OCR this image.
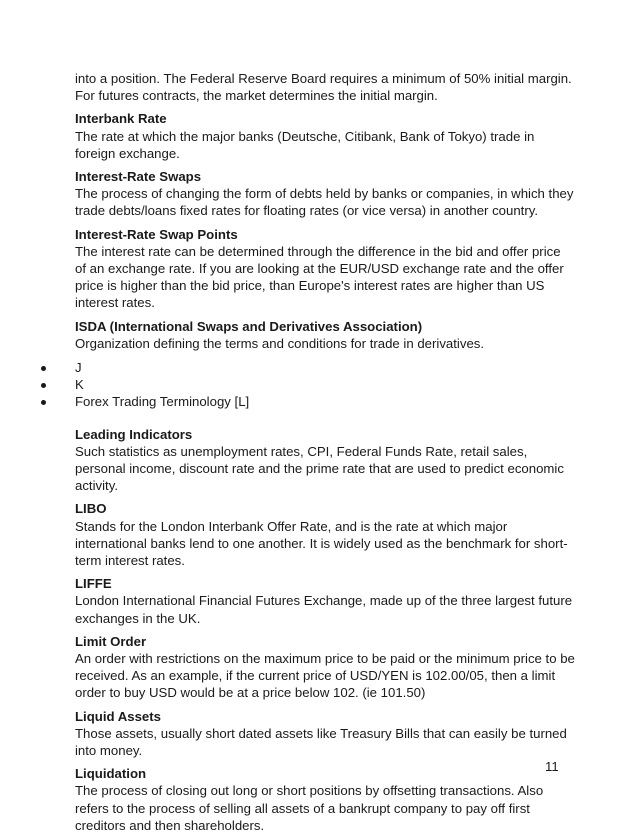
into a position. The Federal Reserve Board requires a minimum of 50% initial margin. For futures contracts, the market determines the initial margin.

Interbank Rate
The rate at which the major banks (Deutsche, Citibank, Bank of Tokyo) trade in foreign exchange.
Interest-Rate Swaps
The process of changing the form of debts held by banks or companies, in which they trade debts/loans fixed rates for floating rates (or vice versa) in another country.
Interest-Rate Swap Points
The interest rate can be determined through the difference in the bid and offer price of an exchange rate. If you are looking at the EUR/USD exchange rate and the offer price is higher than the bid price, than Europe's interest rates are higher than US interest rates.
ISDA (International Swaps and Derivatives Association)
Organization defining the terms and conditions for trade in derivatives.
J
K
Forex Trading Terminology [L]
Leading Indicators
Such statistics as unemployment rates, CPI, Federal Funds Rate, retail sales, personal income, discount rate and the prime rate that are used to predict economic activity.
LIBO
Stands for the London Interbank Offer Rate, and is the rate at which major international banks lend to one another. It is widely used as the benchmark for short-term interest rates.
LIFFE
London International Financial Futures Exchange, made up of the three largest future exchanges in the UK.
Limit Order
An order with restrictions on the maximum price to be paid or the minimum price to be received. As an example, if the current price of USD/YEN is 102.00/05, then a limit order to buy USD would be at a price below 102. (ie 101.50)
Liquid Assets
Those assets, usually short dated assets like Treasury Bills that can easily be turned into money.
Liquidation
The process of closing out long or short positions by offsetting transactions. Also refers to the process of selling all assets of a bankrupt company to pay off first creditors and then shareholders.
11
